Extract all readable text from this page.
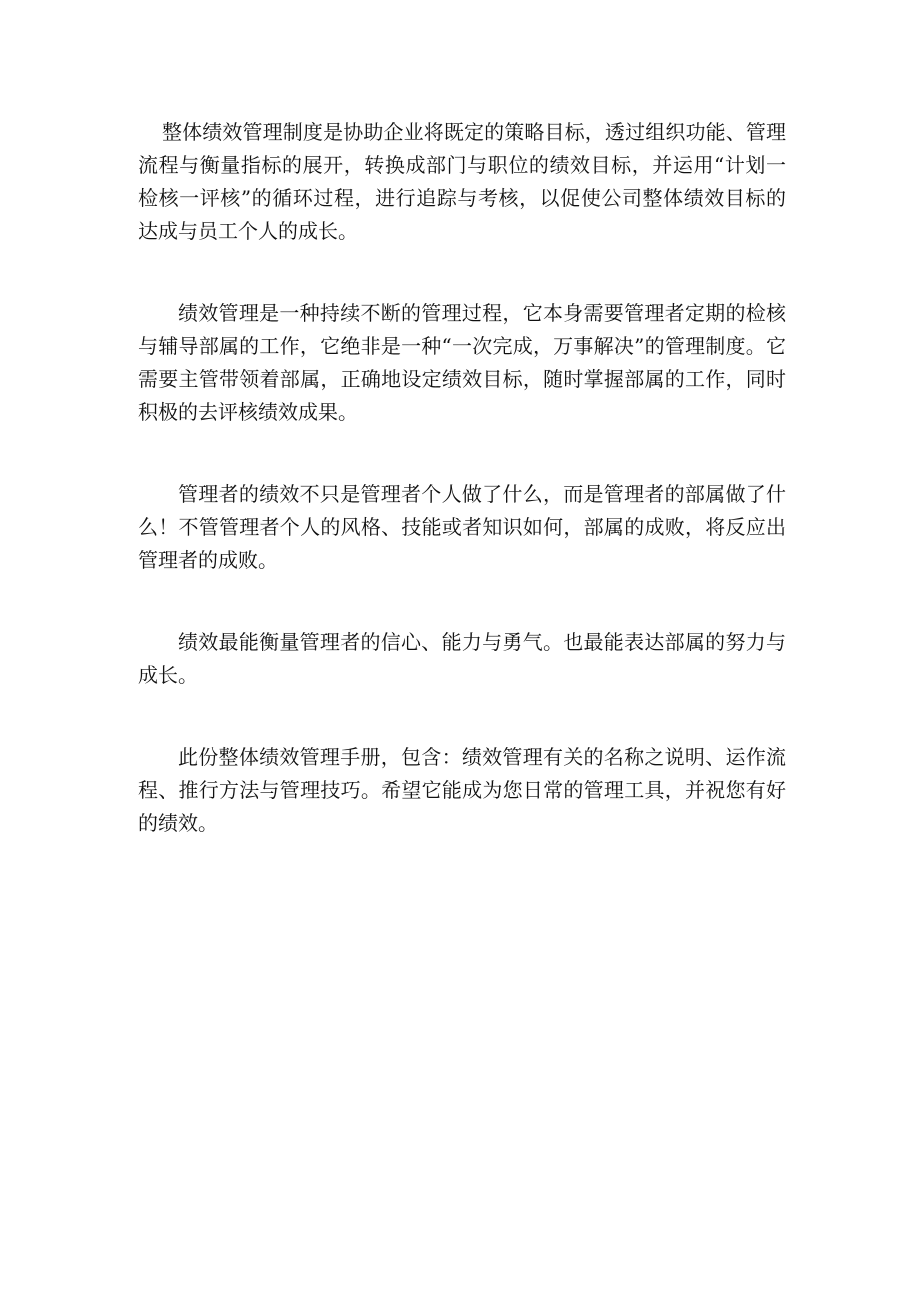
整体绩效管理制度是协助企业将既定的策略目标，透过组织功能、管理流程与衡量指标的展开，转换成部门与职位的绩效目标，并运用“计划一检核一评核”的循环过程，进行追踪与考核，以促使公司整体绩效目标的达成与员工个人的成长。

绩效管理是一种持续不断的管理过程，它本身需要管理者定期的检核与辅导部属的工作，它绝非是一种“一次完成，万事解决”的管理制度。它需要主管带领着部属，正确地设定绩效目标，随时掌握部属的工作，同时积极的去评核绩效成果。

管理者的绩效不只是管理者个人做了什么，而是管理者的部属做了什么！不管管理者个人的风格、技能或者知识如何，部属的成败，将反应出管理者的成败。

绩效最能衡量管理者的信心、能力与勇气。也最能表达部属的努力与成长。

此份整体绩效管理手册，包含：绩效管理有关的名称之说明、运作流程、推行方法与管理技巧。希望它能成为您日常的管理工具，并祝您有好的绩效。
